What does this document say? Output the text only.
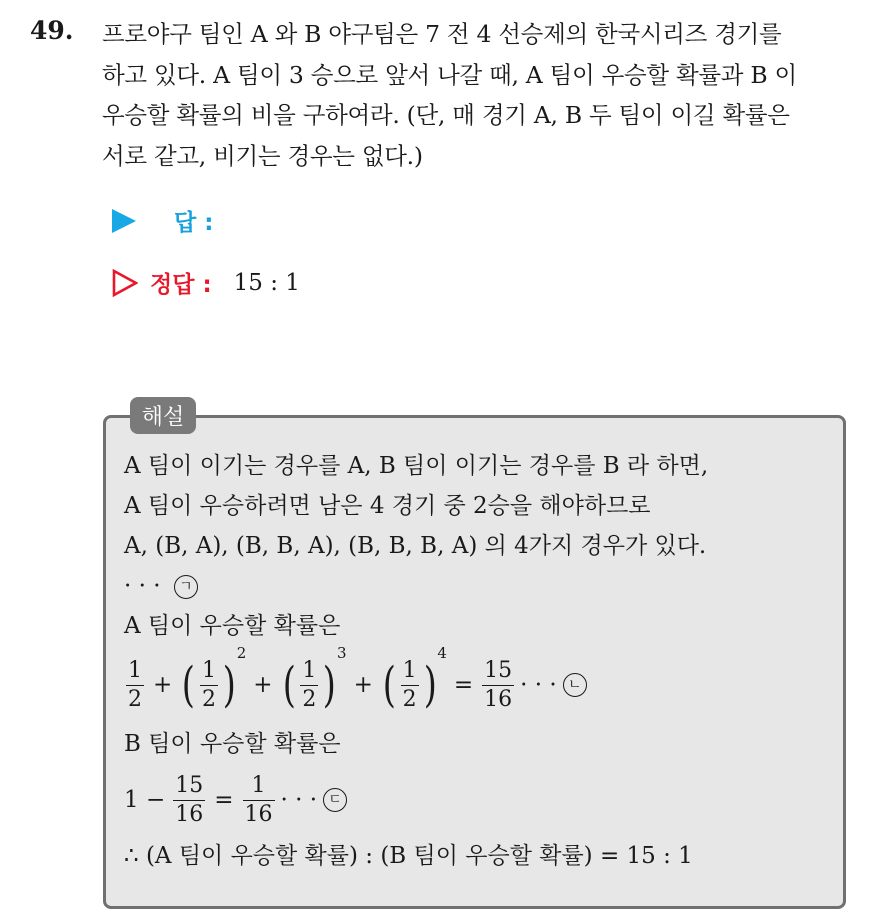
49. 프로야구 팀인 A 와 B 야구팀은 7 전 4 선승제의 한국시리즈 경기를
하고 있다. A 팀이 3 승으로 앞서 나갈 때, A 팀이 우승할 확률과 B 이
우승할 확률의 비을 구하여라. (단, 매 경기 A, B 두 팀이 이길 확률은
서로 같고, 비기는 경우는 없다.)
답 :
정답 : 15 : 1
해설
A 팀이 이기는 경우를 A, B 팀이 이기는 경우를 B 라 하면,
A 팀이 우승하려면 남은 4 경기 중 2승을 해야하므로
A, (B, A), (B, B, A), (B, B, B, A) 의 4가지 경우가 있다.
· · · ㄱ
A 팀이 우승할 확률은
$\frac{1}{2}$ + ( $\frac{1}{2}$ )
2
+ ( $\frac{1}{2}$ )
3
+ ( $\frac{1}{2}$ )
4
= $\frac{15}{16}$ · · · ㄴ
B 팀이 우승할 확률은
$1 - \frac{15}{16} = \frac{1}{16}$ · · · ㄷ
∴ (A 팀이 우승할 확률) : (B 팀이 우승할 확률) = 15 : 1
